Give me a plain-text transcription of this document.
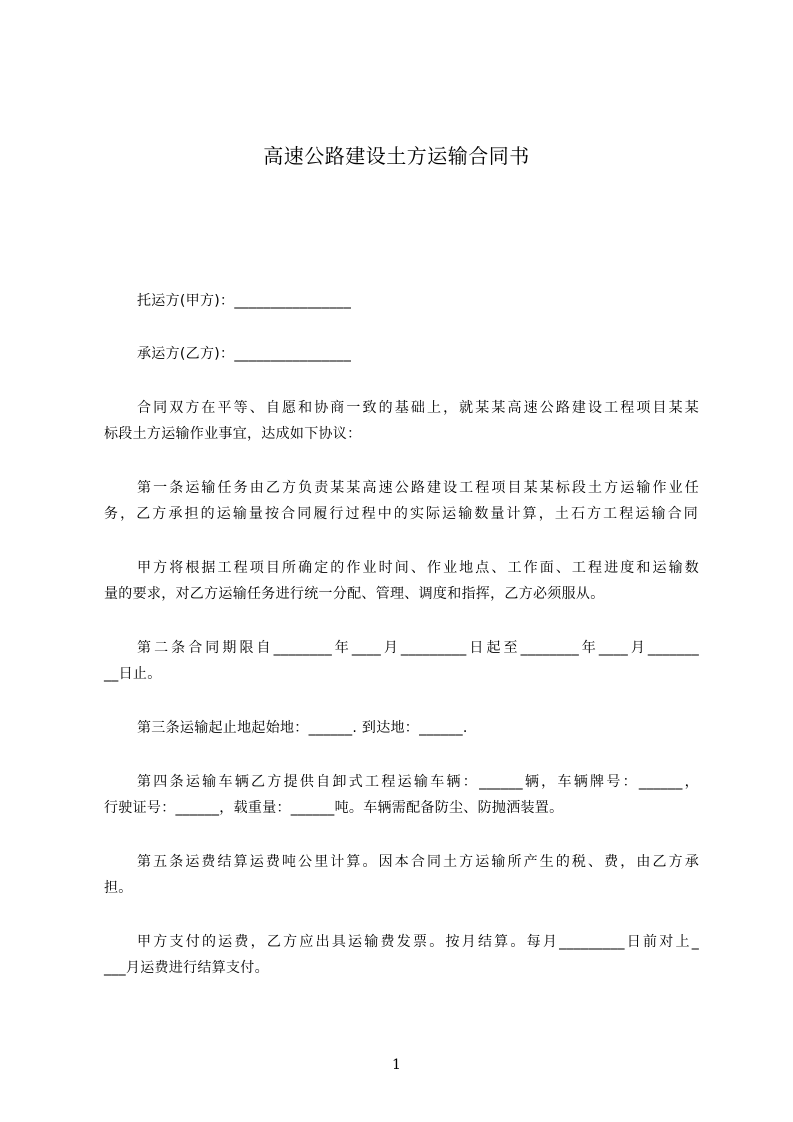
高速公路建设土方运输合同书
托运方(甲方)：________________
承运方(乙方)：________________
合同双方在平等、自愿和协商一致的基础上，就某某高速公路建设工程项目某某
标段土方运输作业事宜，达成如下协议：
第一条运输任务由乙方负责某某高速公路建设工程项目某某标段土方运输作业任
务，乙方承担的运输量按合同履行过程中的实际运输数量计算，土石方工程运输合同
甲方将根据工程项目所确定的作业时间、作业地点、工作面、工程进度和运输数
量的要求，对乙方运输任务进行统一分配、管理、调度和指挥，乙方必须服从。
第二条合同期限自________年____月_________日起至________年____月_______
__日止。
第三条运输起止地起始地：______. 到达地：______.
第四条运输车辆乙方提供自卸式工程运输车辆：______辆，车辆牌号：______，
行驶证号：______，载重量：______吨。车辆需配备防尘、防抛洒装置。
第五条运费结算运费吨公里计算。因本合同土方运输所产生的税、费，由乙方承
担。
甲方支付的运费，乙方应出具运输费发票。按月结算。每月_________日前对上_
___月运费进行结算支付。
1
